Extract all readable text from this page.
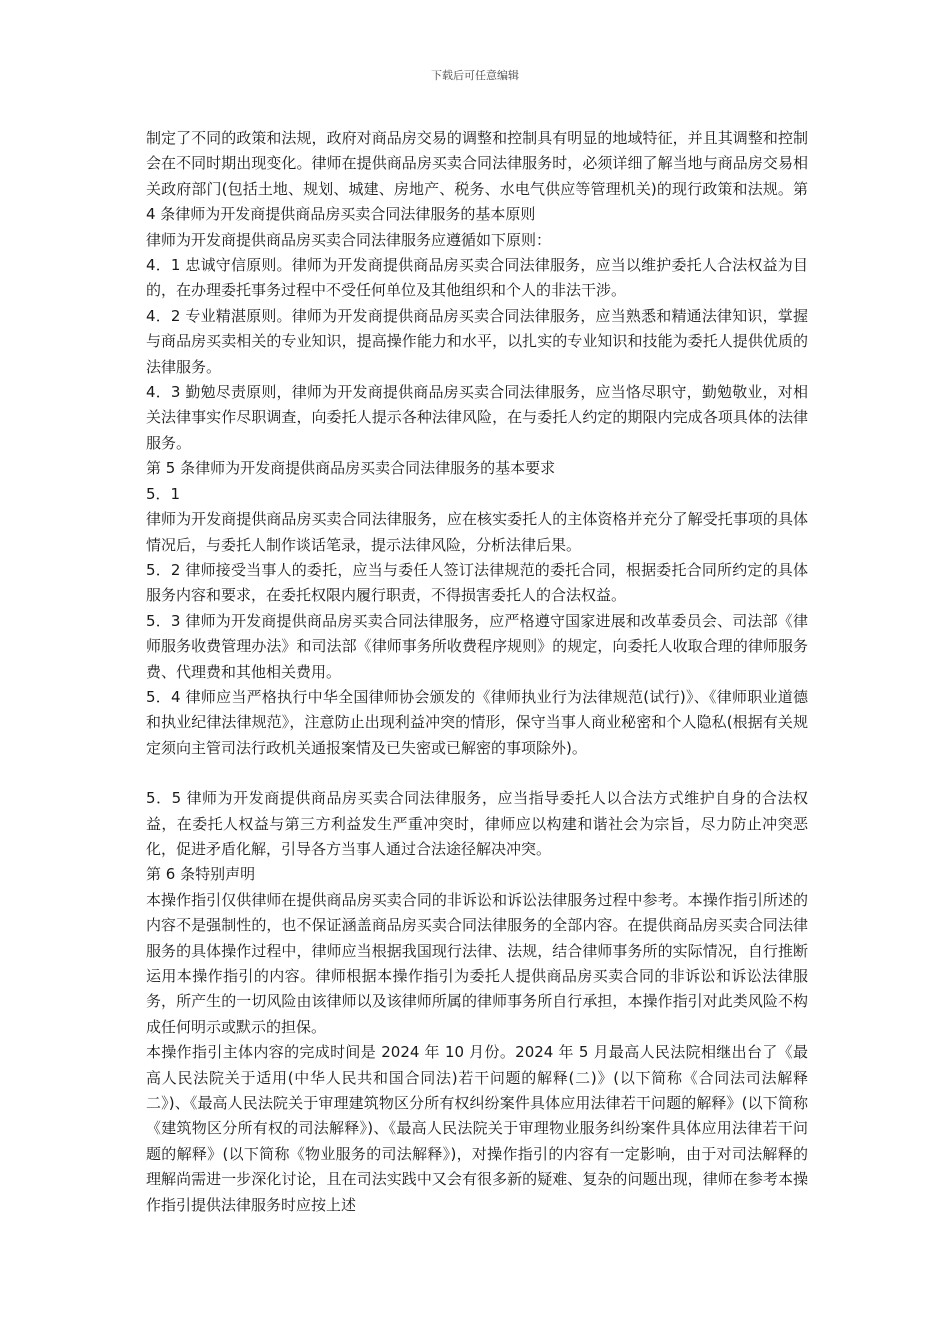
下载后可任意编辑

制定了不同的政策和法规，政府对商品房交易的调整和控制具有明显的地域特征，并且其调整和控制会在不同时期出现变化。律师在提供商品房买卖合同法律服务时，必须详细了解当地与商品房交易相关政府部门(包括土地、规划、城建、房地产、税务、水电气供应等管理机关)的现行政策和法规。第 4 条律师为开发商提供商品房买卖合同法律服务的基本原则

律师为开发商提供商品房买卖合同法律服务应遵循如下原则：

4．1 忠诚守信原则。律师为开发商提供商品房买卖合同法律服务，应当以维护委托人合法权益为目的，在办理委托事务过程中不受任何单位及其他组织和个人的非法干涉。

4．2 专业精湛原则。律师为开发商提供商品房买卖合同法律服务，应当熟悉和精通法律知识，掌握与商品房买卖相关的专业知识，提高操作能力和水平，以扎实的专业知识和技能为委托人提供优质的法律服务。

4．3 勤勉尽责原则，律师为开发商提供商品房买卖合同法律服务，应当恪尽职守，勤勉敬业，对相关法律事实作尽职调查，向委托人提示各种法律风险，在与委托人约定的期限内完成各项具体的法律服务。

第 5 条律师为开发商提供商品房买卖合同法律服务的基本要求

5．1

律师为开发商提供商品房买卖合同法律服务，应在核实委托人的主体资格并充分了解受托事项的具体情况后，与委托人制作谈话笔录，提示法律风险，分析法律后果。

5．2 律师接受当事人的委托，应当与委任人签订法律规范的委托合同，根据委托合同所约定的具体服务内容和要求，在委托权限内履行职责，不得损害委托人的合法权益。

5．3 律师为开发商提供商品房买卖合同法律服务，应严格遵守国家进展和改革委员会、司法部《律师服务收费管理办法》和司法部《律师事务所收费程序规则》的规定，向委托人收取合理的律师服务费、代理费和其他相关费用。

5．4 律师应当严格执行中华全国律师协会颁发的《律师执业行为法律规范(试行)》、《律师职业道德和执业纪律法律规范》，注意防止出现利益冲突的情形，保守当事人商业秘密和个人隐私(根据有关规定须向主管司法行政机关通报案情及已失密或已解密的事项除外)。

5．5 律师为开发商提供商品房买卖合同法律服务，应当指导委托人以合法方式维护自身的合法权益，在委托人权益与第三方利益发生严重冲突时，律师应以构建和谐社会为宗旨，尽力防止冲突恶化，促进矛盾化解，引导各方当事人通过合法途径解决冲突。

第 6 条特别声明

本操作指引仅供律师在提供商品房买卖合同的非诉讼和诉讼法律服务过程中参考。本操作指引所述的内容不是强制性的，也不保证涵盖商品房买卖合同法律服务的全部内容。在提供商品房买卖合同法律服务的具体操作过程中，律师应当根据我国现行法律、法规，结合律师事务所的实际情况，自行推断运用本操作指引的内容。律师根据本操作指引为委托人提供商品房买卖合同的非诉讼和诉讼法律服务，所产生的一切风险由该律师以及该律师所属的律师事务所自行承担，本操作指引对此类风险不构成任何明示或默示的担保。

本操作指引主体内容的完成时间是 2024 年 10 月份。2024 年 5 月最高人民法院相继出台了《最高人民法院关于适用(中华人民共和国合同法)若干问题的解释(二)》(以下简称《合同法司法解释二》)、《最高人民法院关于审理建筑物区分所有权纠纷案件具体应用法律若干问题的解释》(以下简称《建筑物区分所有权的司法解释》)、《最高人民法院关于审理物业服务纠纷案件具体应用法律若干问题的解释》(以下简称《物业服务的司法解释》)，对操作指引的内容有一定影响，由于对司法解释的理解尚需进一步深化讨论，且在司法实践中又会有很多新的疑难、复杂的问题出现，律师在参考本操作指引提供法律服务时应按上述
